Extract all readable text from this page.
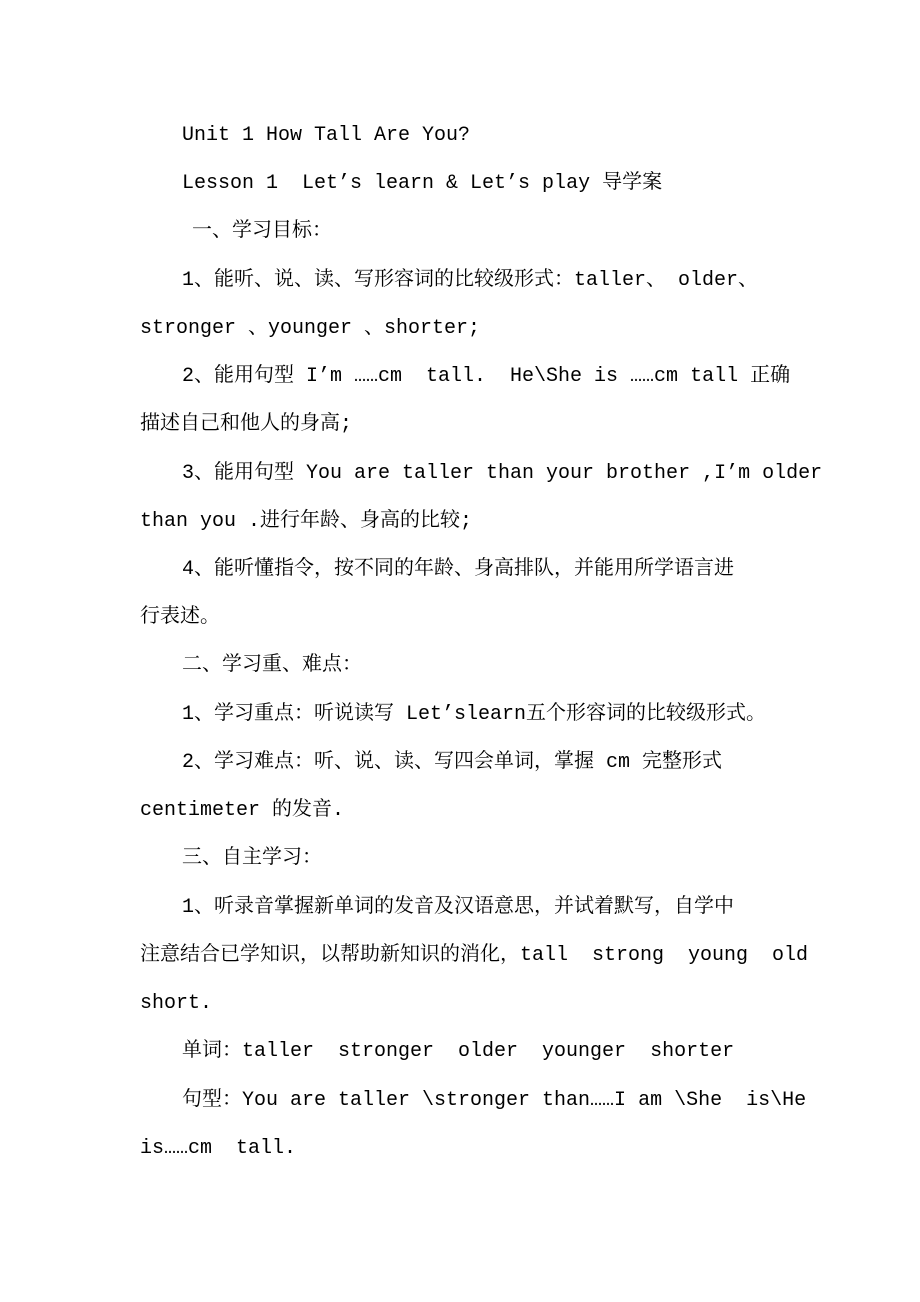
Unit 1 How Tall Are You?
Lesson 1  Let’s learn & Let’s play 导学案
一、学习目标：
1、能听、说、读、写形容词的比较级形式：taller、 older、
stronger 、younger 、shorter;
2、能用句型 I’m ……cm  tall.  He\She is ……cm tall 正确
描述自己和他人的身高;
3、能用句型 You are taller than your brother ,I’m older
than you .进行年龄、身高的比较;
4、能听懂指令，按不同的年龄、身高排队，并能用所学语言进
行表述。
二、学习重、难点：
1、学习重点：听说读写 Let’slearn五个形容词的比较级形式。
2、学习难点：听、说、读、写四会单词，掌握 cm 完整形式
centimeter 的发音.
三、自主学习：
1、听录音掌握新单词的发音及汉语意思，并试着默写，自学中
注意结合已学知识，以帮助新知识的消化，tall  strong  young  old
short.
单词：taller  stronger  older  younger  shorter
句型：You are taller \stronger than……I am \She  is\He
is……cm  tall.
